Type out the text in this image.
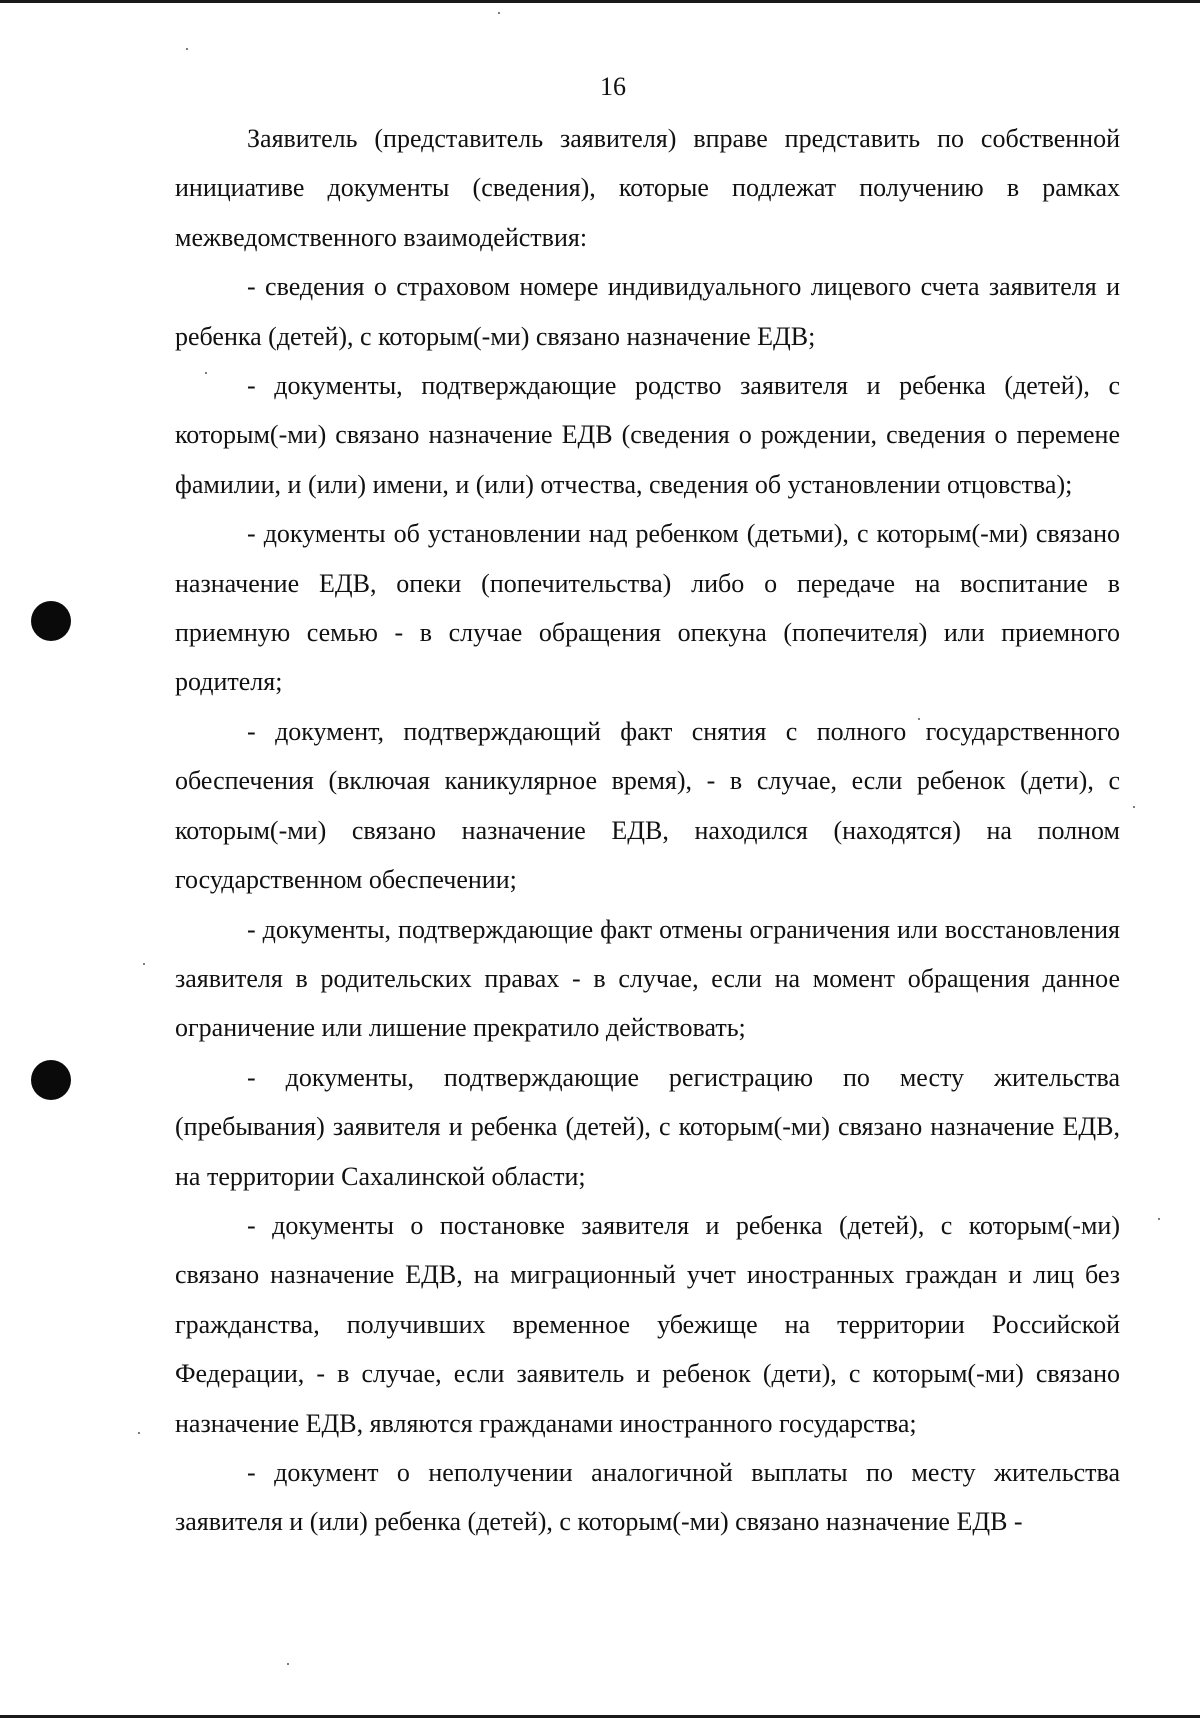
16

Заявитель (представитель заявителя) вправе представить по собственной инициативе документы (сведения), которые подлежат получению в рамках межведомственного взаимодействия:

- сведения о страховом номере индивидуального лицевого счета заявителя и ребенка (детей), с которым(-ми) связано назначение ЕДВ;

- документы, подтверждающие родство заявителя и ребенка (детей), с которым(-ми) связано назначение ЕДВ (сведения о рождении, сведения о перемене фамилии, и (или) имени, и (или) отчества, сведения об установлении отцовства);

- документы об установлении над ребенком (детьми), с которым(-ми) связано назначение ЕДВ, опеки (попечительства) либо о передаче на воспитание в приемную семью - в случае обращения опекуна (попечителя) или приемного родителя;

- документ, подтверждающий факт снятия с полного государственного обеспечения (включая каникулярное время), - в случае, если ребенок (дети), с которым(-ми) связано назначение ЕДВ, находился (находятся) на полном государственном обеспечении;

- документы, подтверждающие факт отмены ограничения или восстановления заявителя в родительских правах - в случае, если на момент обращения данное ограничение или лишение прекратило действовать;

- документы, подтверждающие регистрацию по месту жительства (пребывания) заявителя и ребенка (детей), с которым(-ми) связано назначение ЕДВ, на территории Сахалинской области;

- документы о постановке заявителя и ребенка (детей), с которым(-ми) связано назначение ЕДВ, на миграционный учет иностранных граждан и лиц без гражданства, получивших временное убежище на территории Российской Федерации, - в случае, если заявитель и ребенок (дети), с которым(-ми) связано назначение ЕДВ, являются гражданами иностранного государства;

- документ о неполучении аналогичной выплаты по месту жительства заявителя и (или) ребенка (детей), с которым(-ми) связано назначение ЕДВ -
